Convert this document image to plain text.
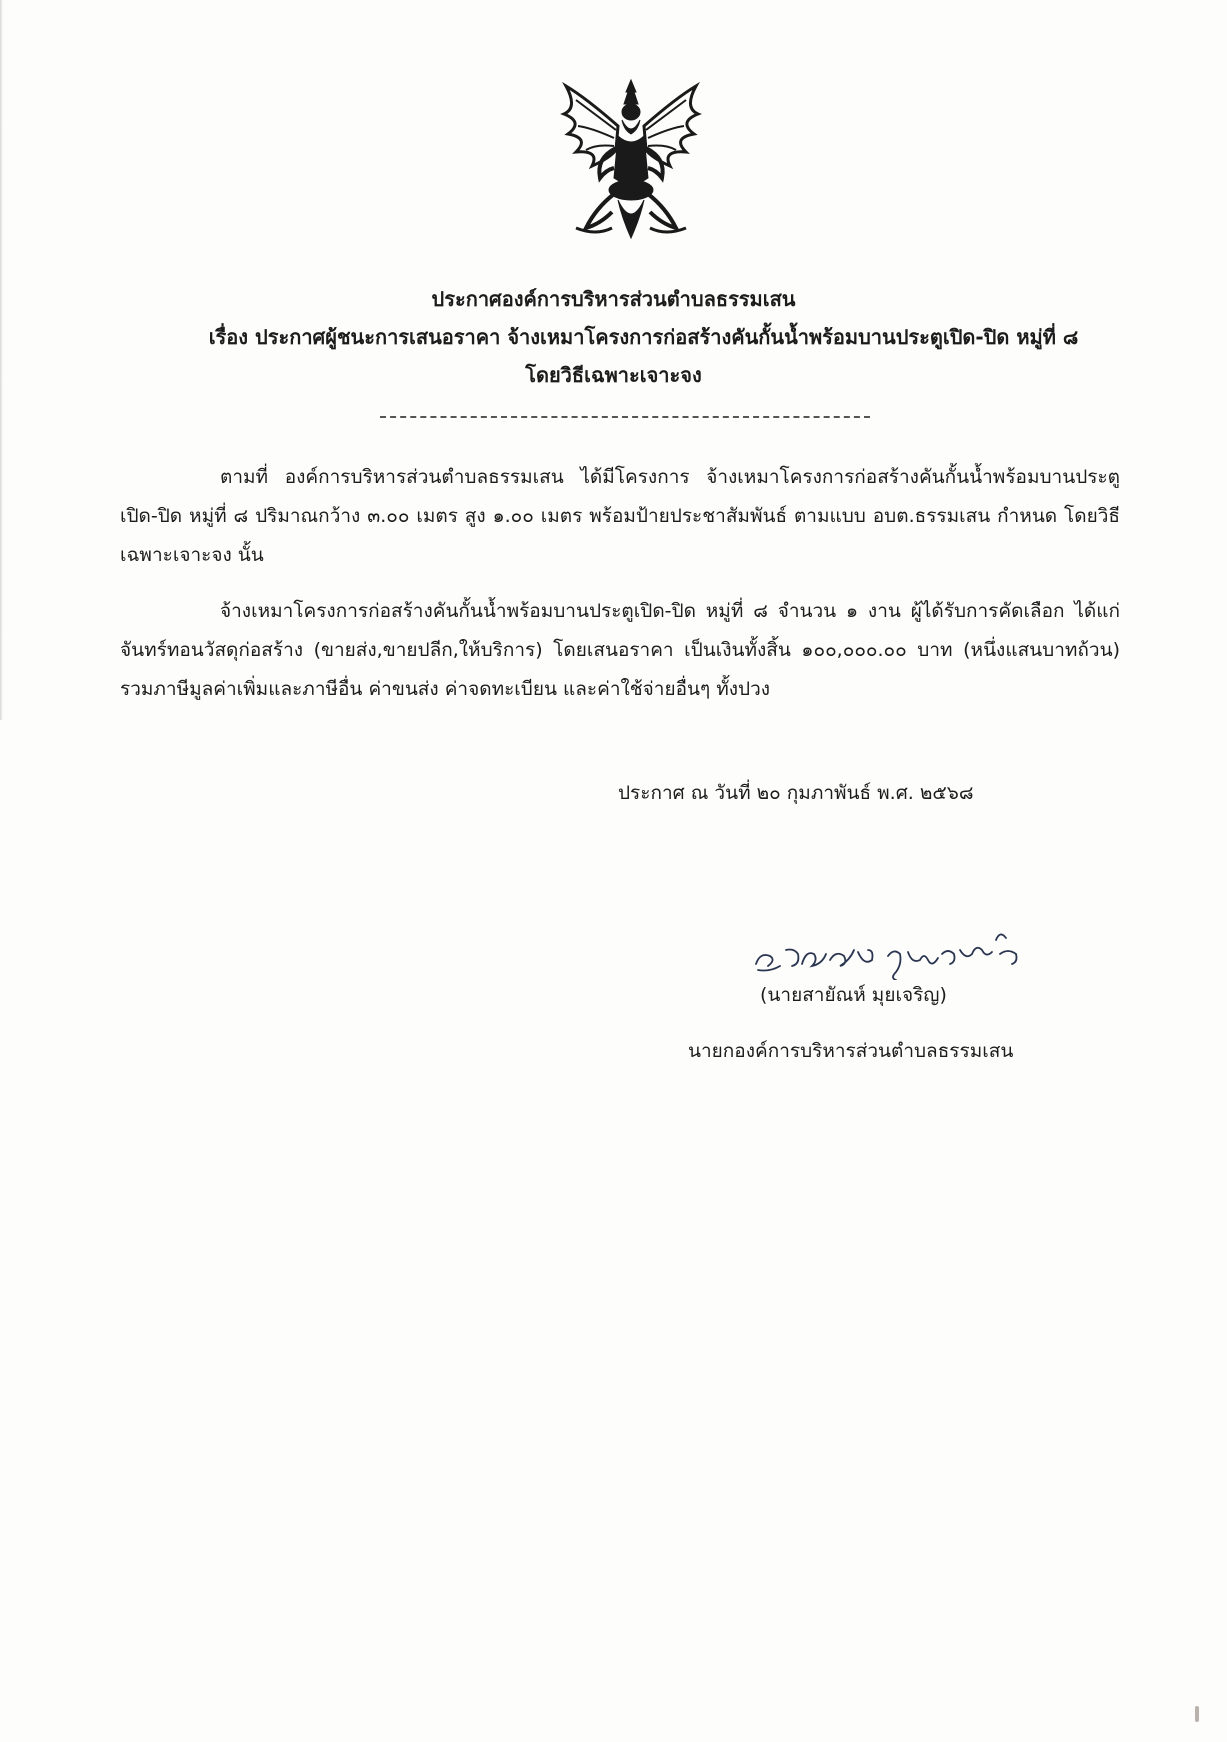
ประกาศองค์การบริหารส่วนตำบลธรรมเสน
เรื่อง ประกาศผู้ชนะการเสนอราคา จ้างเหมาโครงการก่อสร้างคันกั้นน้ำพร้อมบานประตูเปิด-ปิด หมู่ที่ ๘
โดยวิธีเฉพาะเจาะจง

ตามที่ องค์การบริหารส่วนตำบลธรรมเสน ได้มีโครงการ จ้างเหมาโครงการก่อสร้างคันกั้นน้ำพร้อมบานประตูเปิด-ปิด หมู่ที่ ๘ ปริมาณกว้าง ๓.๐๐ เมตร สูง ๑.๐๐ เมตร พร้อมป้ายประชาสัมพันธ์ ตามแบบ อบต.ธรรมเสน กำหนด โดยวิธีเฉพาะเจาะจง นั้น

จ้างเหมาโครงการก่อสร้างคันกั้นน้ำพร้อมบานประตูเปิด-ปิด หมู่ที่ ๘ จำนวน ๑ งาน ผู้ได้รับการคัดเลือก ได้แก่ จันทร์ทอนวัสดุก่อสร้าง (ขายส่ง,ขายปลีก,ให้บริการ) โดยเสนอราคา เป็นเงินทั้งสิ้น ๑๐๐,๐๐๐.๐๐ บาท (หนึ่งแสนบาทถ้วน) รวมภาษีมูลค่าเพิ่มและภาษีอื่น ค่าขนส่ง ค่าจดทะเบียน และค่าใช้จ่ายอื่นๆ ทั้งปวง

ประกาศ ณ วันที่ ๒๐ กุมภาพันธ์ พ.ศ. ๒๕๖๘
(นายสายัณห์ มุยเจริญ)
นายกองค์การบริหารส่วนตำบลธรรมเสน
